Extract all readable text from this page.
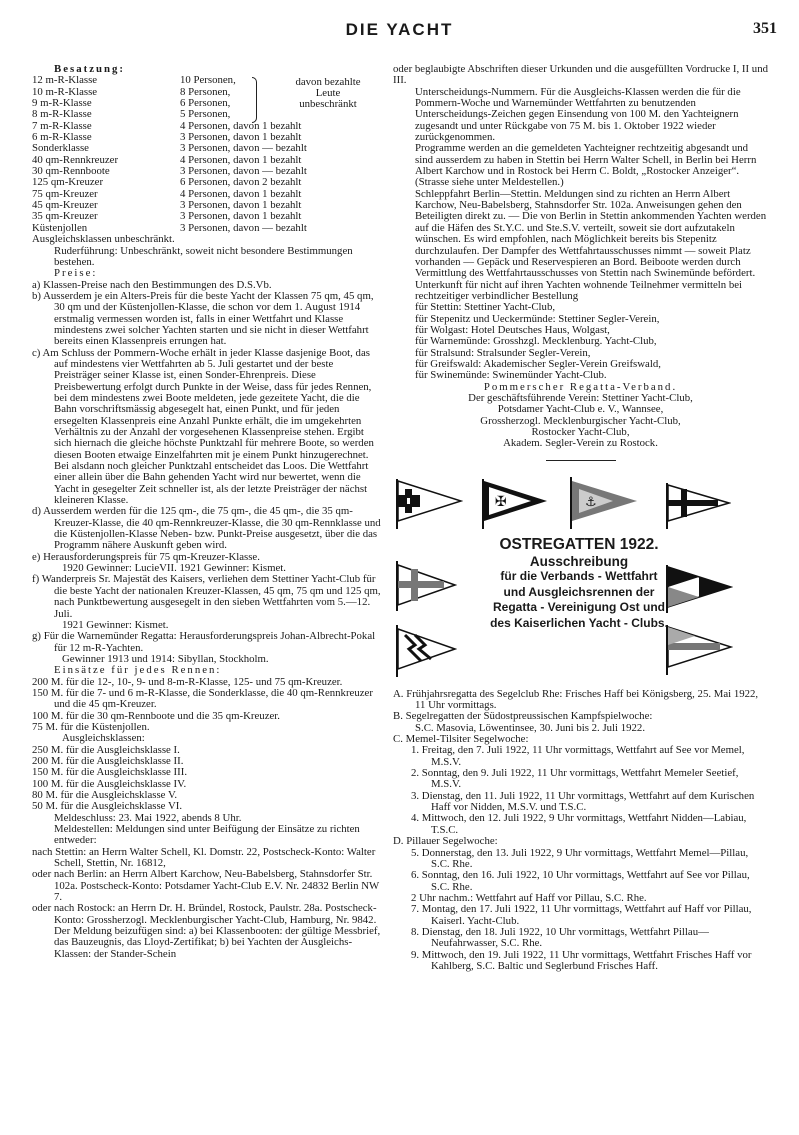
DIE YACHT	351

Besatzung:

12 m-R-Klasse	10 Personen,
10 m-R-Klasse	8 Personen,
9 m-R-Klasse	6 Personen,
8 m-R-Klasse	5 Personen,
7 m-R-Klasse	4 Personen, davon 1 bezahlt
6 m-R-Klasse	3 Personen, davon 1 bezahlt
Sonderklasse	3 Personen, davon — bezahlt
40 qm-Rennkreuzer	4 Personen, davon 1 bezahlt
30 qm-Rennboote	3 Personen, davon — bezahlt
125 qm-Kreuzer	6 Personen, davon 2 bezahlt
75 qm-Kreuzer	4 Personen, davon 1 bezahlt
45 qm-Kreuzer	3 Personen, davon 1 bezahlt
35 qm-Kreuzer	3 Personen, davon 1 bezahlt
Küstenjollen	3 Personen, davon — bezahlt
davon bezahlte
Leute
unbeschränkt

Ausgleichsklassen unbeschränkt.

Ruderführung: Unbeschränkt, soweit nicht besondere Bestimmungen bestehen.

Preise:

a) Klassen-Preise nach den Bestimmungen des D.S.Vb.

b) Ausserdem je ein Alters-Preis für die beste Yacht der Klassen 75 qm, 45 qm, 30 qm und der Küstenjollen-Klasse, die schon vor dem 1. August 1914 erstmalig vermessen worden ist, falls in einer Wettfahrt und Klasse mindestens zwei solcher Yachten starten und sie nicht in dieser Wettfahrt bereits einen Klassenpreis errungen hat.

c) Am Schluss der Pommern-Woche erhält in jeder Klasse dasjenige Boot, das auf mindestens vier Wettfahrten ab 5. Juli gestartet und der beste Preisträger seiner Klasse ist, einen Sonder-Ehrenpreis. Diese Preisbewertung erfolgt durch Punkte in der Weise, dass für jedes Rennen, bei dem mindestens zwei Boote meldeten, jede gezeitete Yacht, die die Bahn vorschriftsmässig abgesegelt hat, einen Punkt, und für jeden ersegelten Klassenpreis eine Anzahl Punkte erhält, die im umgekehrten Verhältnis zu der Anzahl der vorgesehenen Klassenpreise stehen. Ergibt sich hiernach die gleiche höchste Punktzahl für mehrere Boote, so werden diesen Booten etwaige Einzelfahrten mit je einem Punkt hinzugerechnet. Bei alsdann noch gleicher Punktzahl entscheidet das Loos. Die Wettfahrt einer allein über die Bahn gehenden Yacht wird nur bewertet, wenn die Yacht in gesegelter Zeit schneller ist, als der letzte Preisträger der nächst kleineren Klasse.

d) Ausserdem werden für die 125 qm-, die 75 qm-, die 45 qm-, die 35 qm-Kreuzer-Klasse, die 40 qm-Rennkreuzer-Klasse, die 30 qm-Rennklasse und die Küstenjollen-Klasse Neben- bzw. Punkt-Preise ausgesetzt, über die das Programm nähere Auskunft geben wird.

e) Herausforderungspreis für 75 qm-Kreuzer-Klasse.

1920 Gewinner: LucieVII. 1921 Gewinner: Kismet.

f) Wanderpreis Sr. Majestät des Kaisers, verliehen dem Stettiner Yacht-Club für die beste Yacht der nationalen Kreuzer-Klassen, 45 qm, 75 qm und 125 qm, nach Punktbewertung ausgesegelt in den sieben Wettfahrten vom 5.—12. Juli.

1921 Gewinner: Kismet.

g) Für die Warnemünder Regatta: Herausforderungspreis Johan-Albrecht-Pokal für 12 m-R-Yachten.

Gewinner 1913 und 1914: Sibyllan, Stockholm.

Einsätze für jedes Rennen:

200 M. für die 12-, 10-, 9- und 8-m-R-Klasse, 125- und 75 qm-Kreuzer.

150 M. für die 7- und 6 m-R-Klasse, die Sonderklasse, die 40 qm-Rennkreuzer und die 45 qm-Kreuzer.

100 M. für die 30 qm-Rennboote und die 35 qm-Kreuzer.

75 M. für die Küstenjollen.

Ausgleichsklassen:

250 M. für die Ausgleichsklasse I.

200 M. für die Ausgleichsklasse II.

150 M. für die Ausgleichsklasse III.

100 M. für die Ausgleichsklasse IV.

80 M. für die Ausgleichsklasse V.

50 M. für die Ausgleichsklasse VI.

Meldeschluss: 23. Mai 1922, abends 8 Uhr.

Meldestellen: Meldungen sind unter Beifügung der Einsätze zu richten entweder:

nach Stettin: an Herrn Walter Schell, Kl. Domstr. 22, Postscheck-Konto: Walter Schell, Stettin, Nr. 16812,

oder nach Berlin: an Herrn Albert Karchow, Neu-Babelsberg, Stahnsdorfer Str. 102a. Postscheck-Konto: Potsdamer Yacht-Club E.V. Nr. 24832 Berlin NW 7.

oder nach Rostock: an Herrn Dr. H. Bründel, Rostock, Paulstr. 28a. Postscheck-Konto: Grossherzogl. Mecklenburgischer Yacht-Club, Hamburg, Nr. 9842.

Der Meldung beizufügen sind: a) bei Klassenbooten: der gültige Messbrief, das Bauzeugnis, das Lloyd-Zertifikat; b) bei Yachten der Ausgleichs-Klassen: der Stander-Schein

oder beglaubigte Abschriften dieser Urkunden und die ausgefüllten Vordrucke I, II und III.

Unterscheidungs-Nummern. Für die Ausgleichs-Klassen werden die für die Pommern-Woche und Warnemünder Wettfahrten zu benutzenden Unterscheidungs-Zeichen gegen Einsendung von 100 M. den Yachteignern zugesandt und unter Rückgabe von 75 M. bis 1. Oktober 1922 wieder zurückgenommen.

Programme werden an die gemeldeten Yachteigner rechtzeitig abgesandt und sind ausserdem zu haben in Stettin bei Herrn Walter Schell, in Berlin bei Herrn Albert Karchow und in Rostock bei Herrn C. Boldt, „Rostocker Anzeiger“. (Strasse siehe unter Meldestellen.)

Schleppfahrt Berlin—Stettin. Meldungen sind zu richten an Herrn Albert Karchow, Neu-Babelsberg, Stahnsdorfer Str. 102a. Anweisungen gehen den Beteiligten direkt zu. — Die von Berlin in Stettin ankommenden Yachten werden auf die Häfen des St.Y.C. und Ste.S.V. verteilt, soweit sie dort aufzutakeln wünschen. Es wird empfohlen, nach Möglichkeit bereits bis Stepenitz durchzulaufen. Der Dampfer des Wettfahrtausschusses nimmt — soweit Platz vorhanden — Gepäck und Reservespieren an Bord. Beiboote werden durch Vermittlung des Wettfahrtausschusses von Stettin nach Swinemünde befördert.

Unterkunft für nicht auf ihren Yachten wohnende Teilnehmer vermitteln bei rechtzeitiger verbindlicher Bestellung

für Stettin: Stettiner Yacht-Club,

für Stepenitz und Ueckermünde: Stettiner Segler-Verein,

für Wolgast: Hotel Deutsches Haus, Wolgast,

für Warnemünde: Grosshzgl. Mecklenburg. Yacht-Club,

für Stralsund: Stralsunder Segler-Verein,

für Greifswald: Akademischer Segler-Verein Greifswald,

für Swinemünde: Swinemünder Yacht-Club.

Pommerscher Regatta-Verband.

Der geschäftsführende Verein: Stettiner Yacht-Club,

Potsdamer Yacht-Club e. V., Wannsee,

Grossherzogl. Mecklenburgischer Yacht-Club,

Rostocker Yacht-Club,

Akadem. Segler-Verein zu Rostock.

✠	⚓
OSTREGATTEN 1922.
Ausschreibung
für die Verbands - Wettfahrt
und Ausgleichsrennen der
Regatta - Vereinigung Ost und
des Kaiserlichen Yacht - Clubs.

A. Frühjahrsregatta des Segelclub Rhe: Frisches Haff bei Königsberg, 25. Mai 1922, 11 Uhr vormittags.

B. Segelregatten der Südostpreussischen Kampfspielwoche:

S.C. Masovia, Löwentinsee, 30. Juni bis 2. Juli 1922.

C. Memel-Tilsiter Segelwoche:

1. Freitag, den 7. Juli 1922, 11 Uhr vormittags, Wettfahrt auf See vor Memel, M.S.V.

2. Sonntag, den 9. Juli 1922, 11 Uhr vormittags, Wettfahrt Memeler Seetief, M.S.V.

3. Dienstag, den 11. Juli 1922, 11 Uhr vormittags, Wettfahrt auf dem Kurischen Haff vor Nidden, M.S.V. und T.S.C.

4. Mittwoch, den 12. Juli 1922, 9 Uhr vormittags, Wettfahrt Nidden—Labiau, T.S.C.

D. Pillauer Segelwoche:

5. Donnerstag, den 13. Juli 1922, 9 Uhr vormittags, Wettfahrt Memel—Pillau, S.C. Rhe.

6. Sonntag, den 16. Juli 1922, 10 Uhr vormittags, Wettfahrt auf See vor Pillau, S.C. Rhe.

2 Uhr nachm.: Wettfahrt auf Haff vor Pillau, S.C. Rhe.

7. Montag, den 17. Juli 1922, 11 Uhr vormittags, Wettfahrt auf Haff vor Pillau, Kaiserl. Yacht-Club.

8. Dienstag, den 18. Juli 1922, 10 Uhr vormittags, Wettfahrt Pillau—Neufahrwasser, S.C. Rhe.

9. Mittwoch, den 19. Juli 1922, 11 Uhr vormittags, Wettfahrt Frisches Haff vor Kahlberg, S.C. Baltic und Seglerbund Frisches Haff.
